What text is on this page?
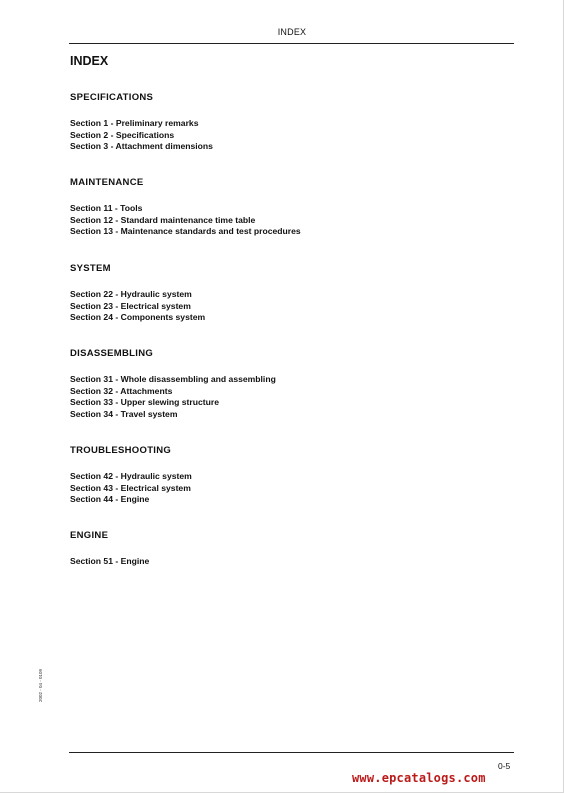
INDEX
INDEX
SPECIFICATIONS
Section 1 - Preliminary remarks
Section 2 - Specifications
Section 3 - Attachment dimensions
MAINTENANCE
Section 11 - Tools
Section 12 - Standard maintenance time table
Section 13 - Maintenance standards and test procedures
SYSTEM
Section 22 - Hydraulic system
Section 23 - Electrical system
Section 24 - Components system
DISASSEMBLING
Section 31 - Whole disassembling and assembling
Section 32 - Attachments
Section 33 - Upper slewing structure
Section 34 - Travel system
TROUBLESHOOTING
Section 42 - Hydraulic system
Section 43 - Electrical system
Section 44 - Engine
ENGINE
Section 51 - Engine
2002 - 04 - 0109
0-5
www.epcatalogs.com
